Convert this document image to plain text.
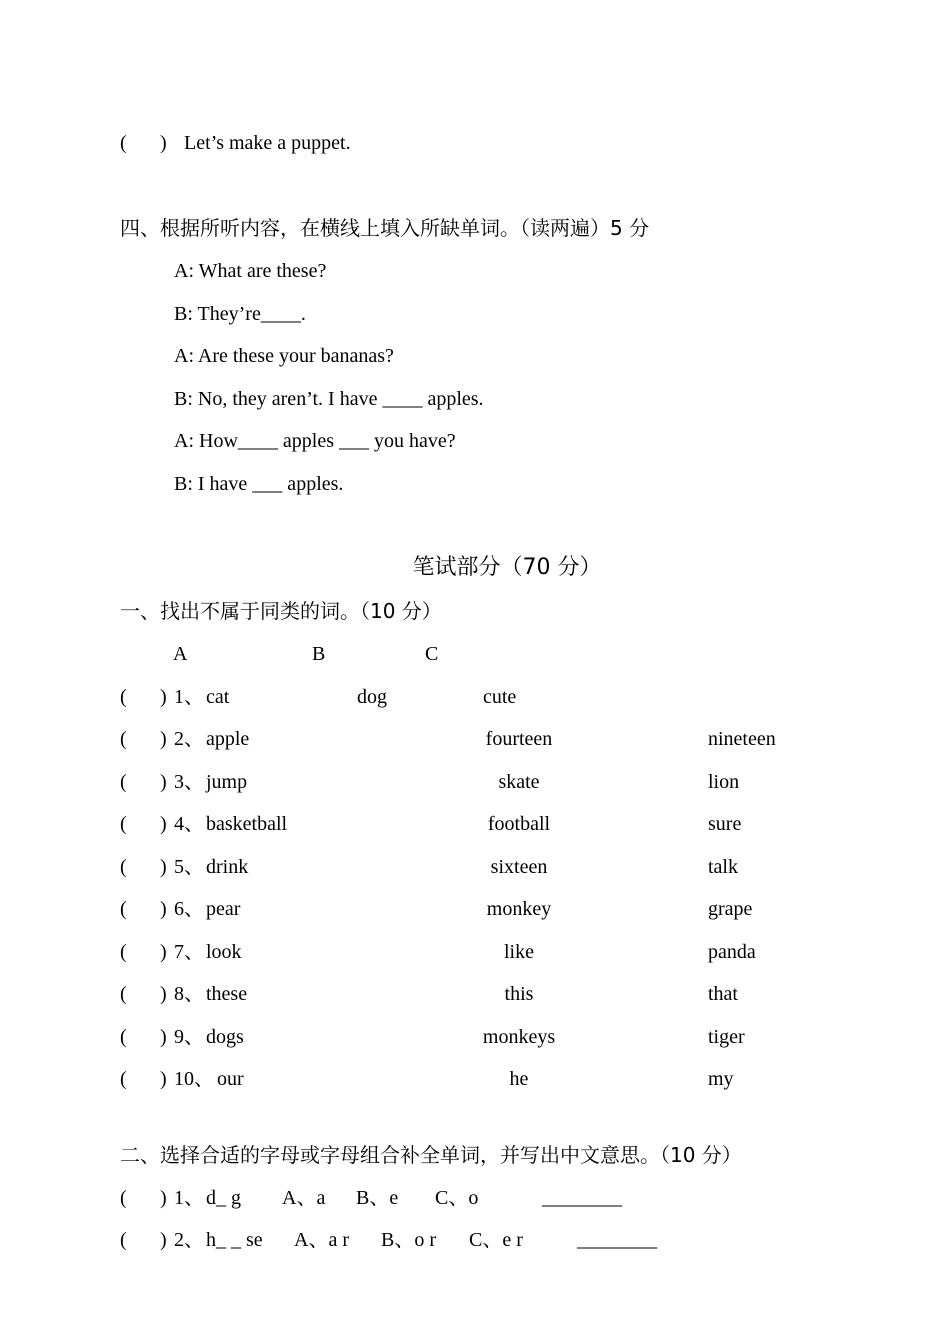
( ) Let’s make a puppet.
四、根据所听内容，在横线上填入所缺单词。（读两遍）5 分
A: What are these?
B: They’re____.
A: Are these your bananas?
B: No, they aren’t. I have ____ apples.
A: How____ apples ___ you have?
B: I have ___ apples.
笔试部分（70 分）
一、找出不属于同类的词。（10 分）
A	B	C
( ) 1、 cat	dog	cute
( ) 2、 apple	fourteen	nineteen
( ) 3、 jump	skate	lion
( ) 4、 basketball	football	sure
( ) 5、 drink	sixteen	talk
( ) 6、 pear	monkey	grape
( ) 7、 look	like	panda
( ) 8、 these	this	that
( ) 9、 dogs	monkeys	tiger
( ) 10、 our	he	my
二、选择合适的字母或字母组合补全单词，并写出中文意思。（10 分）
( ) 1、 d_ g A、a B、e C、o	________
( ) 2、 h_ _ se A、a r B、o r C、e r	________
